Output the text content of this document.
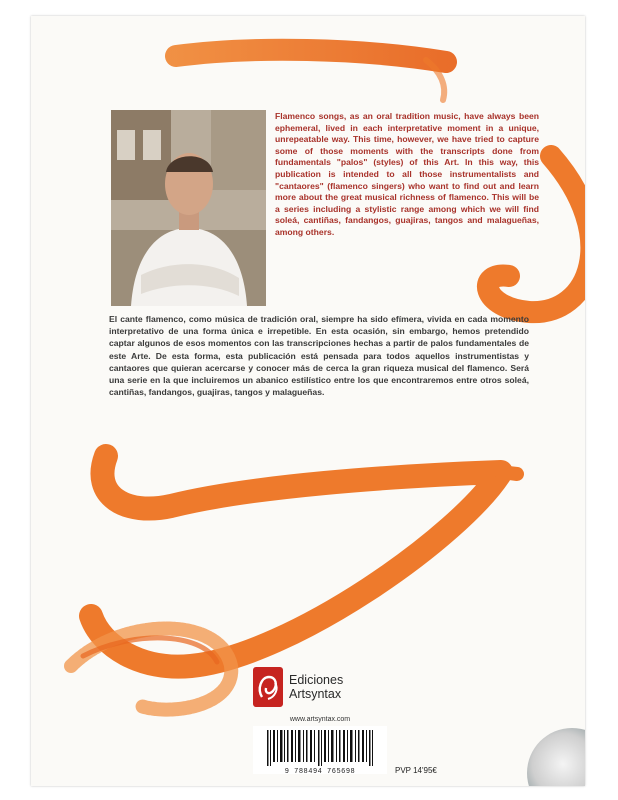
Flamenco songs, as an oral tradition music, have always been ephemeral, lived in each interpretative moment in a unique, unrepeatable way. This time, however, we have tried to capture some of those moments with the transcripts done from fundamentals "palos" (styles) of this Art. In this way, this publication is intended to all those instrumentalists and "cantaores" (flamenco singers) who want to find out and learn more about the great musical richness of flamenco. This will be a series including a stylistic range among which we will find soleá, cantiñas, fandangos, guajiras, tangos and malagueñas, among others.
El cante flamenco, como música de tradición oral, siempre ha sido efímera, vivida en cada momento interpretativo de una forma única e irrepetible. En esta ocasión, sin embargo, hemos pretendido captar algunos de esos momentos con las transcripciones hechas a partir de palos fundamentales de este Arte. De esta forma, esta publicación está pensada para todos aquellos instrumentistas y cantaores que quieran acercarse y conocer más de cerca la gran riqueza musical del flamenco. Será una serie en la que incluiremos un abanico estilístico entre los que encontraremos entre otros soleá, cantiñas, fandangos, guajiras, tangos y malagueñas.
Ediciones
Artsyntax
www.artsyntax.com
9 788494 765698	PVP 14'95€
